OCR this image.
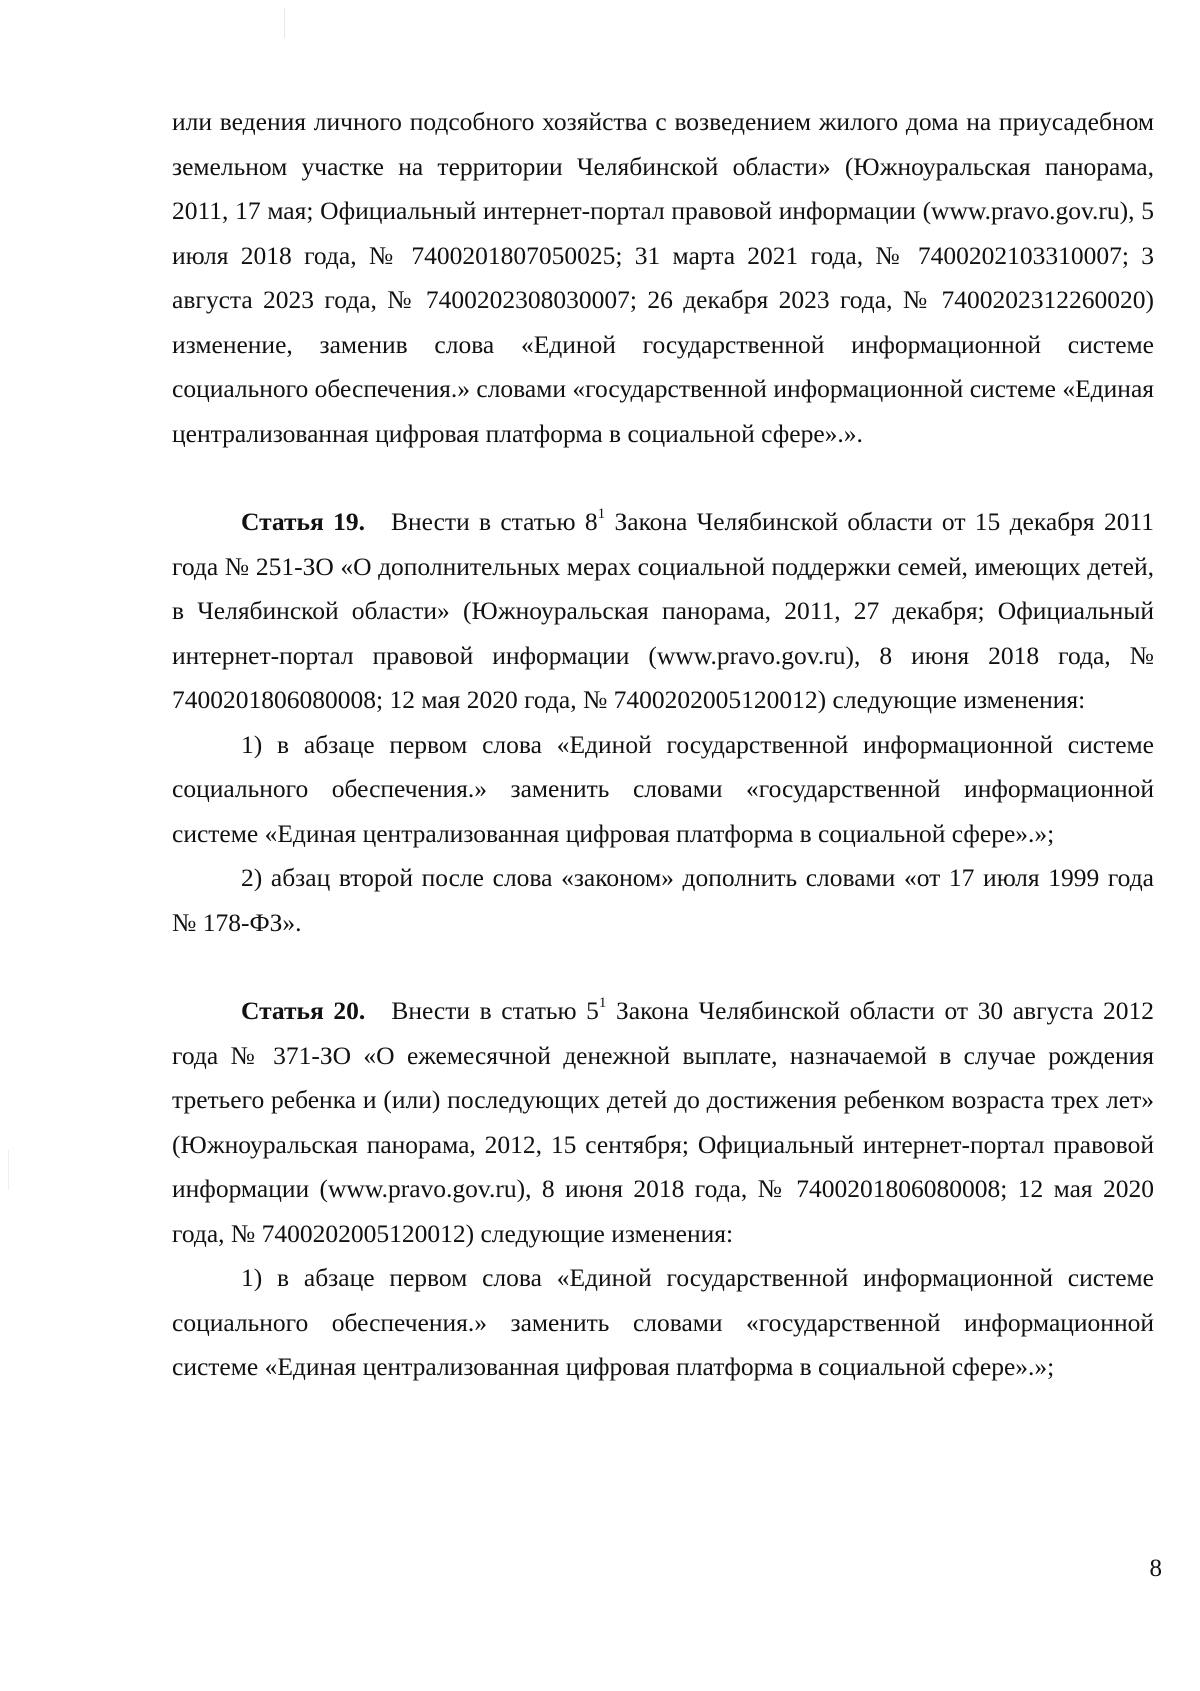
или ведения личного подсобного хозяйства с возведением жилого дома на приусадебном земельном участке на территории Челябинской области» (Южноуральская панорама, 2011, 17 мая; Официальный интернет-портал правовой информации (www.pravo.gov.ru), 5 июля 2018 года, № 7400201807050025; 31 марта 2021 года, № 7400202103310007; 3 августа 2023 года, № 7400202308030007; 26 декабря 2023 года, № 7400202312260020) изменение, заменив слова «Единой государственной информационной системе социального обеспечения.» словами «государственной информационной системе «Единая централизованная цифровая платформа в социальной сфере».».

Статья 19. Внести в статью $8^1$ Закона Челябинской области от 15 декабря 2011 года № 251-ЗО «О дополнительных мерах социальной поддержки семей, имеющих детей, в Челябинской области» (Южноуральская панорама, 2011, 27 декабря; Официальный интернет-портал правовой информации (www.pravo.gov.ru), 8 июня 2018 года, № 7400201806080008; 12 мая 2020 года, № 7400202005120012) следующие изменения:

1) в абзаце первом слова «Единой государственной информационной системе социального обеспечения.» заменить словами «государственной информационной системе «Единая централизованная цифровая платформа в социальной сфере».»;

2) абзац второй после слова «законом» дополнить словами «от 17 июля 1999 года № 178-ФЗ».

Статья 20. Внести в статью $5^1$ Закона Челябинской области от 30 августа 2012 года № 371-ЗО «О ежемесячной денежной выплате, назначаемой в случае рождения третьего ребенка и (или) последующих детей до достижения ребенком возраста трех лет» (Южноуральская панорама, 2012, 15 сентября; Официальный интернет-портал правовой информации (www.pravo.gov.ru), 8 июня 2018 года, № 7400201806080008; 12 мая 2020 года, № 7400202005120012) следующие изменения:

1) в абзаце первом слова «Единой государственной информационной системе социального обеспечения.» заменить словами «государственной информационной системе «Единая централизованная цифровая платформа в социальной сфере».»;

8
